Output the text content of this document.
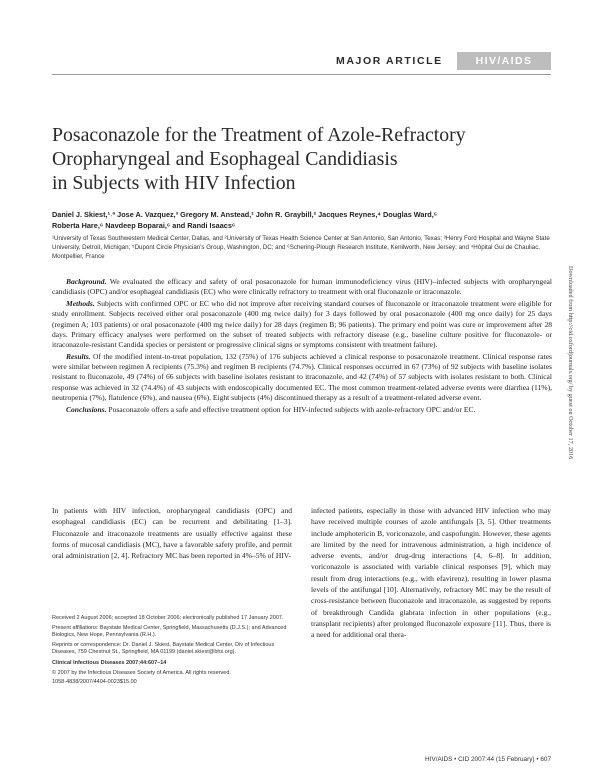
MAJOR ARTICLE	HIV/AIDS
Posaconazole for the Treatment of Azole-Refractory
Oropharyngeal and Esophageal Candidiasis
in Subjects with HIV Infection
Daniel J. Skiest,¹˒ª Jose A. Vazquez,³ Gregory M. Anstead,² John R. Graybill,² Jacques Reynes,⁴ Douglas Ward,⁵
Roberta Hare,⁶ Navdeep Boparai,⁶ and Randi Isaacs⁶
¹University of Texas Southwestern Medical Center, Dallas, and ²University of Texas Health Science Center at San Antonio, San Antonio, Texas; ³Henry Ford Hospital and Wayne State University, Detroit, Michigan; ⁵Dupont Circle Physician's Group, Washington, DC; and ⁶Schering-Plough Research Institute, Kenilworth, New Jersey; and ⁴Hôpital Gui de Chauliac, Montpellier, France

Background. We evaluated the efficacy and safety of oral posaconazole for human immunodeficiency virus (HIV)–infected subjects with oropharyngeal candidiasis (OPC) and/or esophageal candidiasis (EC) who were clinically refractory to treatment with oral fluconazole or itraconazole.

Methods. Subjects with confirmed OPC or EC who did not improve after receiving standard courses of fluconazole or itraconazole treatment were eligible for study enrollment. Subjects received either oral posaconazole (400 mg twice daily) for 3 days followed by oral posaconazole (400 mg once daily) for 25 days (regimen A; 103 patients) or oral posaconazole (400 mg twice daily) for 28 days (regimen B; 96 patients). The primary end point was cure or improvement after 28 days. Primary efficacy analyses were performed on the subset of treated subjects with refractory disease (e.g., baseline culture positive for fluconazole- or itraconazole-resistant Candida species or persistent or progressive clinical signs or symptoms consistent with treatment failure).

Results. Of the modified intent-to-treat population, 132 (75%) of 176 subjects achieved a clinical response to posaconazole treatment. Clinical response rates were similar between regimen A recipients (75.3%) and regimen B recipients (74.7%). Clinical responses occurred in 67 (73%) of 92 subjects with baseline isolates resistant to fluconazole, 49 (74%) of 66 subjects with baseline isolates resistant to itraconazole, and 42 (74%) of 57 subjects with isolates resistant to both. Clinical response was achieved in 32 (74.4%) of 43 subjects with endoscopically documented EC. The most common treatment-related adverse events were diarrhea (11%), neutropenia (7%), flatulence (6%), and nausea (6%). Eight subjects (4%) discontinued therapy as a result of a treatment-related adverse event.

Conclusions. Posaconazole offers a safe and effective treatment option for HIV-infected subjects with azole-refractory OPC and/or EC.

In patients with HIV infection, oropharyngeal candidiasis (OPC) and esophageal candidiasis (EC) can be recurrent and debilitating [1–3]. Fluconazole and itraconazole treatments are usually effective against these forms of mucosal candidiasis (MC), have a favorable safety profile, and permit oral administration [2, 4]. Refractory MC has been reported in 4%–5% of HIV-

infected patients, especially in those with advanced HIV infection who may have received multiple courses of azole antifungals [3, 5]. Other treatments include amphotericin B, voriconazole, and caspofungin. However, these agents are limited by the need for intravenous administration, a high incidence of adverse events, and/or drug-drug interactions [4, 6–8]. In addition, voriconazole is associated with variable clinical responses [9], which may result from drug interactions (e.g., with efavirenz), resulting in lower plasma levels of the antifungal [10]. Alternatively, refractory MC may be the result of cross-resistance between fluconazole and itraconazole, as suggested by reports of breakthrough Candida glabrata infection in other populations (e.g., transplant recipients) after prolonged fluconazole exposure [11]. Thus, there is a need for additional oral thera-

Received 2 August 2006; accepted 18 October 2006; electronically published 17 January 2007.

Present affiliations: Baystate Medical Center, Springfield, Massachusetts (D.J.S.); and Advanced Biologics, New Hope, Pennsylvania (R.H.).

Reprints or correspondence: Dr. Daniel J. Skiest, Baystate Medical Center, Div of Infectious Diseases, 759 Chestnut St., Springfield, MA 01199 (daniel.skiest@bhs.org).

Clinical Infectious Diseases 2007;44:607–14

© 2007 by the Infectious Diseases Society of America. All rights reserved.

1058-4838/2007/4404-0023$15.00

HIV/AIDS • CID 2007:44 (15 February) • 607
Downloaded from http://cid.oxfordjournals.org/ by guest on October 17, 2016
